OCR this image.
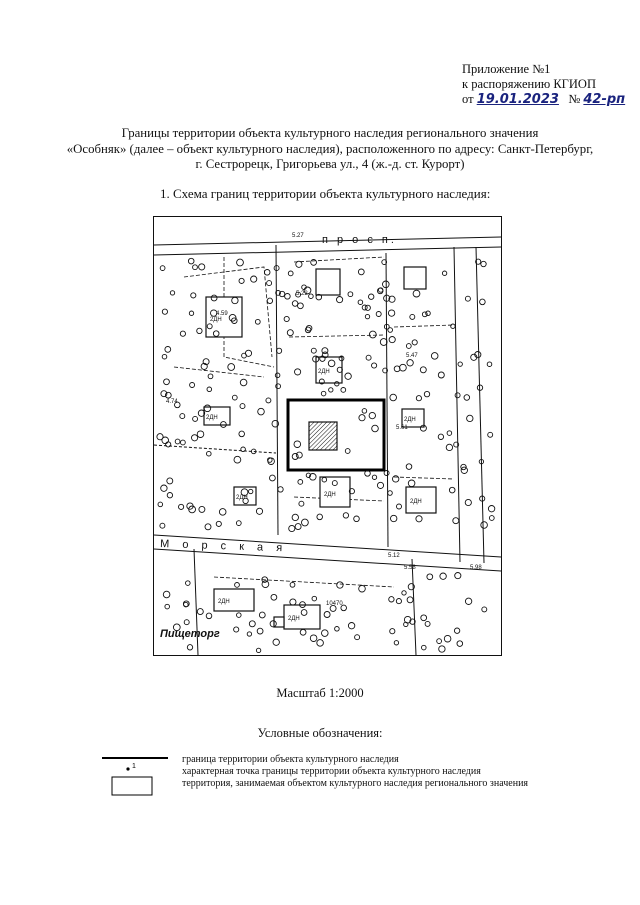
Приложение №1
к распоряжению КГИОП
от 19.01.2023 № 42-рп
Границы территории объекта культурного наследия регионального значения
«Особняк» (далее – объект культурного наследия), расположенного по адресу: Санкт-Петербург,
г. Сестрорецк, Григорьева ул., 4 (ж.-д. ст. Курорт)
1. Схема границ территории объекта культурного наследия:
п р о с п.
М о р с к а я
Пищеторг
2ДН
2ДН
2ДН
2ДН
2ДН
2ДН
2ДН
2ДН
2ДН
5.27
4.59
5.22
5.47
5.61
5.12
5.58	5.98
4.74
10470
Масштаб 1:2000
Условные обозначения:
1
граница территории объекта культурного наследия
характерная точка границы территории объекта культурного наследия
территория, занимаемая объектом культурного наследия регионального значения
